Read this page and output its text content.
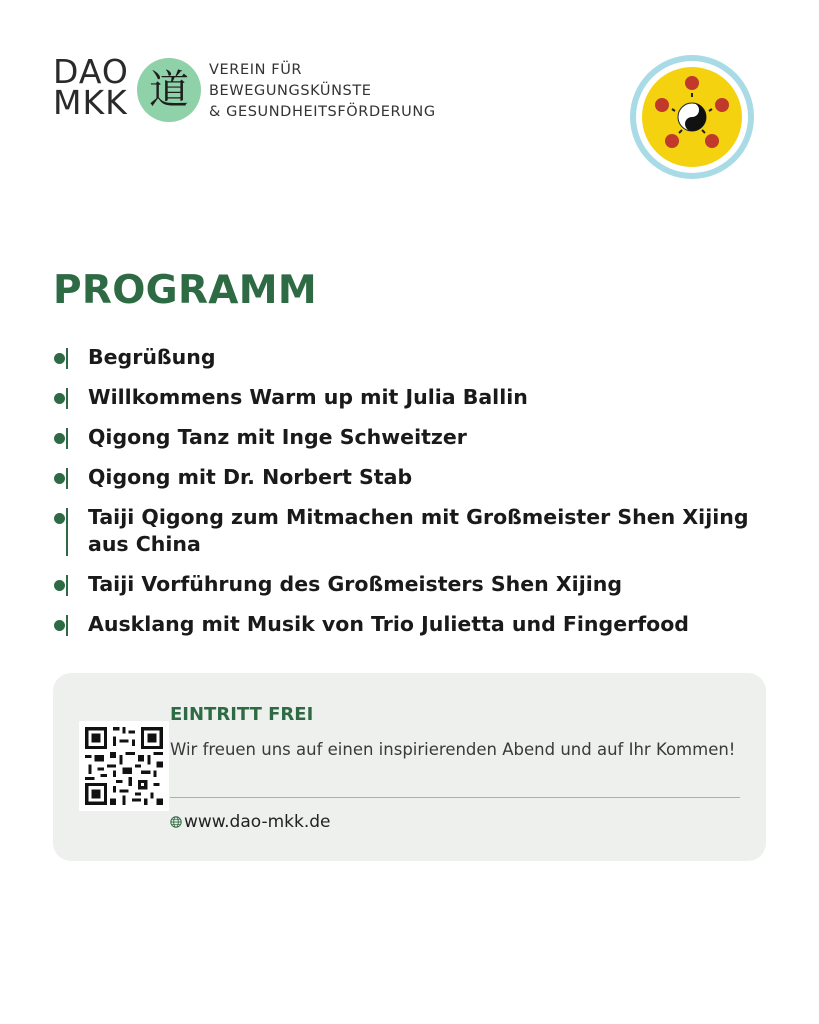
DAO
MKK 道	VEREIN FÜR
BEWEGUNGSKÜNSTE
& GESUNDHEITSFÖRDERUNG
PROGRAMM
Begrüßung
Willkommens Warm up mit Julia Ballin
Qigong Tanz mit Inge Schweitzer
Qigong mit Dr. Norbert Stab
Taiji Qigong zum Mitmachen mit Großmeister Shen Xijing aus China
Taiji Vorführung des Großmeisters Shen Xijing
Ausklang mit Musik von Trio Julietta und Fingerfood
EINTRITT FREI
Wir freuen uns auf einen inspirierenden Abend und auf Ihr Kommen!
www.dao-mkk.de
